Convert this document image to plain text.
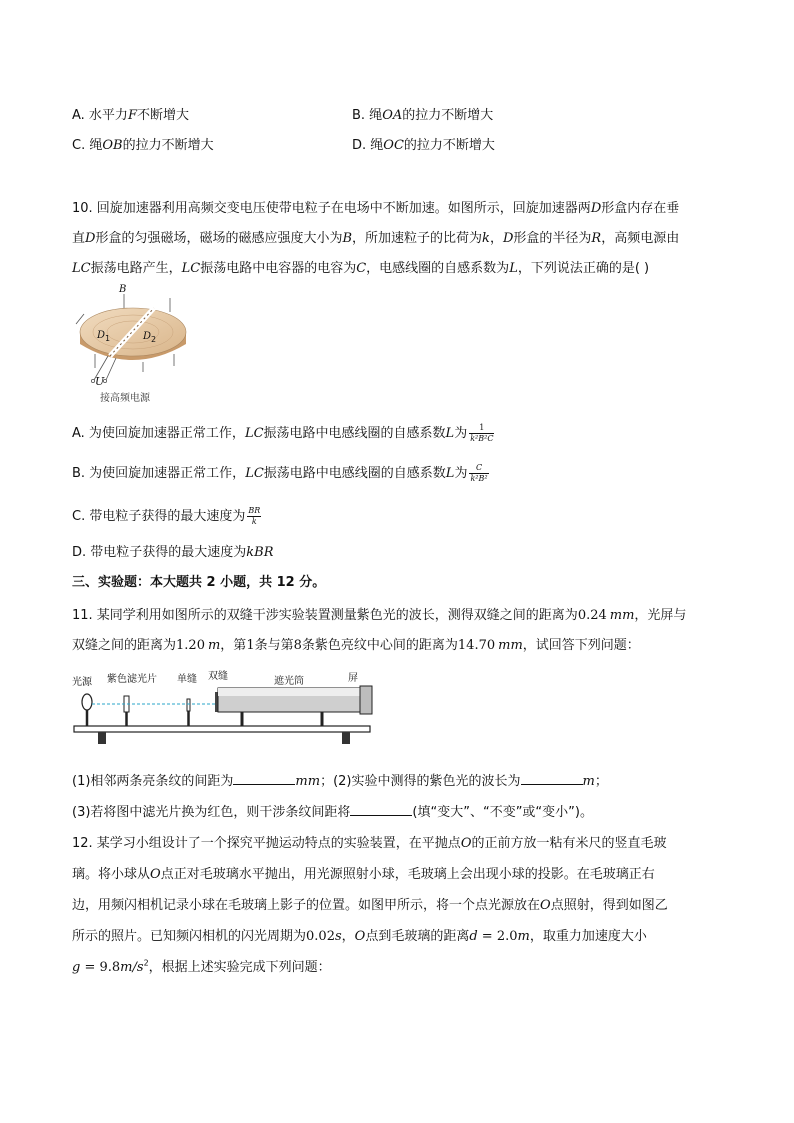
A. 水平力F不断增大	B. 绳OA的拉力不断增大
C. 绳OB的拉力不断增大	D. 绳OC的拉力不断增大
10. 回旋加速器利用高频交变电压使带电粒子在电场中不断加速。如图所示，回旋加速器两D形盒内存在垂
直D形盒的匀强磁场，磁场的磁感应强度大小为B，所加速粒子的比荷为k，D形盒的半径为R，高频电源由
LC振荡电路产生，LC振荡电路中电容器的电容为C，电感线圈的自感系数为L，下列说法正确的是( )
B
$D_1$	$D_2$
U
接高频电源
A. 为使回旋加速器正常工作，LC振荡电路中电感线圈的自感系数L为 $\frac{1}{\text{k²B²C}}$
B. 为使回旋加速器正常工作，LC振荡电路中电感线圈的自感系数L为 $\frac{C}{\text{k²B²}}$
C. 带电粒子获得的最大速度为 $\frac{BR}{k}$
D. 带电粒子获得的最大速度为kBR
三、实验题：本大题共 2 小题，共 12 分。
11. 某同学利用如图所示的双缝干涉实验装置测量紫色光的波长，测得双缝之间的距离为0.24 mm，光屏与
双缝之间的距离为1.20 m，第1条与第8条紫色亮纹中心间的距离为14.70 mm，试回答下列问题：
光源 紫色滤光片 单缝 双缝	遮光筒	屏
(1)相邻两条亮条纹的间距为	mm；(2)实验中测得的紫色光的波长为	m；
(3)若将图中滤光片换为红色，则干涉条纹间距将	(填“变大”、“不变”或“变小”)。
12. 某学习小组设计了一个探究平抛运动特点的实验装置，在平抛点O的正前方放一粘有米尺的竖直毛玻
璃。将小球从O点正对毛玻璃水平抛出，用光源照射小球，毛玻璃上会出现小球的投影。在毛玻璃正右
边，用频闪相机记录小球在毛玻璃上影子的位置。如图甲所示，将一个点光源放在O点照射，得到如图乙
所示的照片。已知频闪相机的闪光周期为0.02s，O点到毛玻璃的距离d = 2.0m，取重力加速度大小
$g = 9.8m/s^2$，根据上述实验完成下列问题：
